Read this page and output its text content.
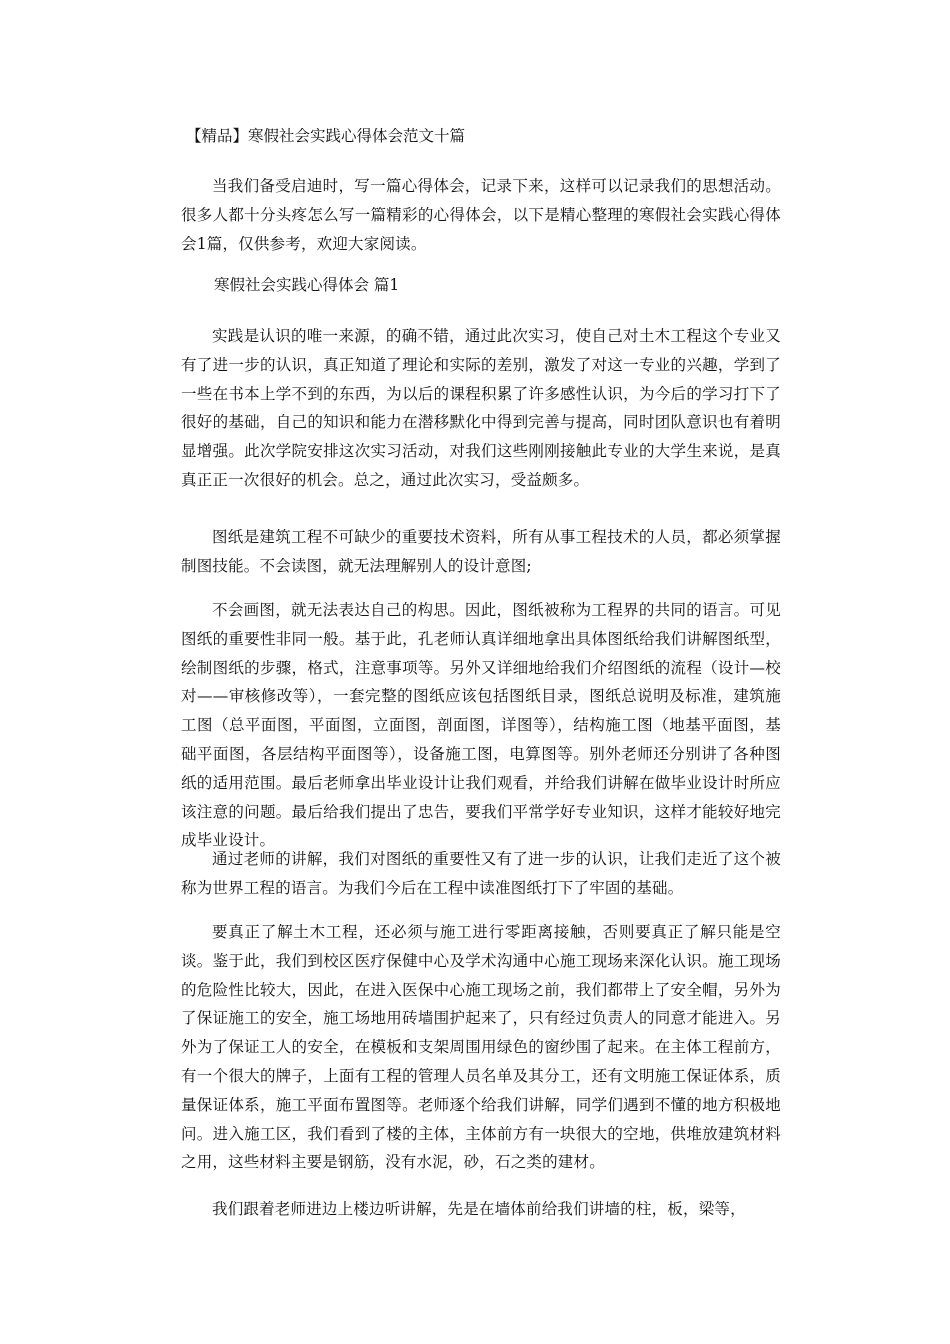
【精品】寒假社会实践心得体会范文十篇

当我们备受启迪时，写一篇心得体会，记录下来，这样可以记录我们的思想活动。很多人都十分头疼怎么写一篇精彩的心得体会，以下是精心整理的寒假社会实践心得体会1篇，仅供参考，欢迎大家阅读。

寒假社会实践心得体会 篇1

实践是认识的唯一来源，的确不错，通过此次实习，使自己对土木工程这个专业又有了进一步的认识，真正知道了理论和实际的差别，激发了对这一专业的兴趣，学到了一些在书本上学不到的东西，为以后的课程积累了许多感性认识，为今后的学习打下了很好的基础，自己的知识和能力在潜移默化中得到完善与提高，同时团队意识也有着明显增强。此次学院安排这次实习活动，对我们这些刚刚接触此专业的大学生来说，是真真正正一次很好的机会。总之，通过此次实习，受益颇多。

图纸是建筑工程不可缺少的重要技术资料，所有从事工程技术的人员，都必须掌握制图技能。不会读图，就无法理解别人的设计意图;

不会画图，就无法表达自己的构思。因此，图纸被称为工程界的共同的语言。可见图纸的重要性非同一般。基于此，孔老师认真详细地拿出具体图纸给我们讲解图纸型，绘制图纸的步骤，格式，注意事项等。另外又详细地给我们介绍图纸的流程（设计—校对——审核修改等），一套完整的图纸应该包括图纸目录，图纸总说明及标准，建筑施工图（总平面图，平面图，立面图，剖面图，详图等），结构施工图（地基平面图，基础平面图，各层结构平面图等），设备施工图，电算图等。别外老师还分别讲了各种图纸的适用范围。最后老师拿出毕业设计让我们观看，并给我们讲解在做毕业设计时所应该注意的问题。最后给我们提出了忠告，要我们平常学好专业知识，这样才能较好地完成毕业设计。

通过老师的讲解，我们对图纸的重要性又有了进一步的认识，让我们走近了这个被称为世界工程的语言。为我们今后在工程中读准图纸打下了牢固的基础。

要真正了解土木工程，还必须与施工进行零距离接触，否则要真正了解只能是空谈。鉴于此，我们到校区医疗保健中心及学术沟通中心施工现场来深化认识。施工现场的危险性比较大，因此，在进入医保中心施工现场之前，我们都带上了安全帽，另外为了保证施工的安全，施工场地用砖墙围护起来了，只有经过负责人的同意才能进入。另外为了保证工人的安全，在模板和支架周围用绿色的窗纱围了起来。在主体工程前方，有一个很大的牌子，上面有工程的管理人员名单及其分工，还有文明施工保证体系，质量保证体系，施工平面布置图等。老师逐个给我们讲解，同学们遇到不懂的地方积极地问。进入施工区，我们看到了楼的主体，主体前方有一块很大的空地，供堆放建筑材料之用，这些材料主要是钢筋，没有水泥，砂，石之类的建材。

我们跟着老师进边上楼边听讲解，先是在墙体前给我们讲墙的柱，板，梁等，
